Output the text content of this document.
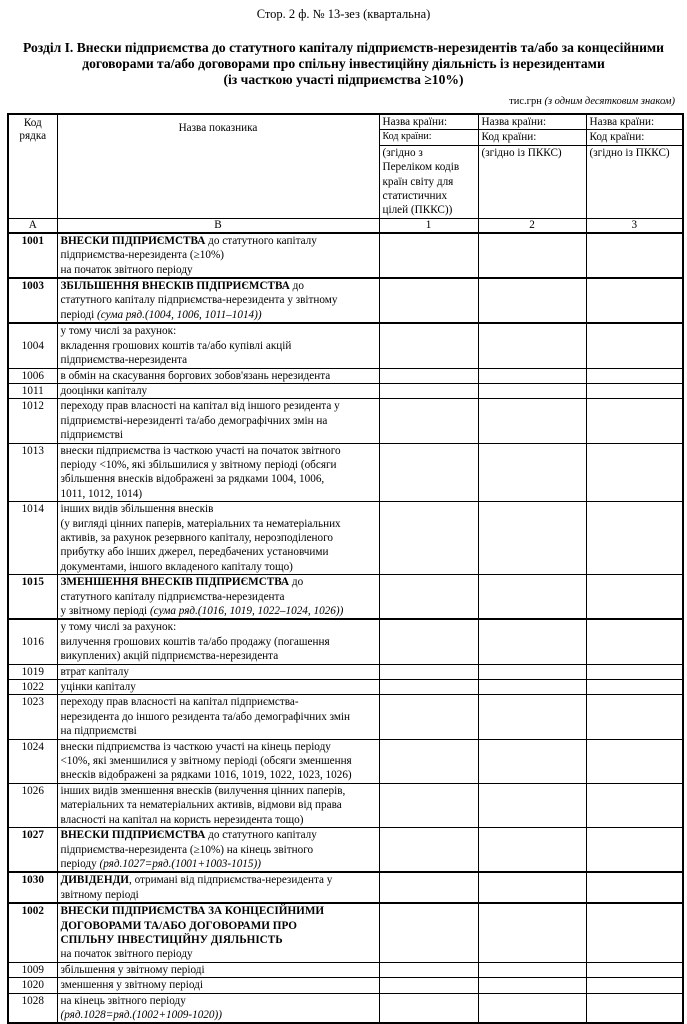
Стор. 2 ф. № 13-зез (квартальна)
Розділ I. Внески підприємства до статутного капіталу підприємств-нерезидентів та/або за концесійними
договорами та/або договорами про спільну інвестиційну діяльність із нерезидентами
(із часткою участі підприємства ≥10%)
тис.грн (з одним десятковим знаком)
Код рядка	Назва показника	Назва країни:	Назва країни:	Назва країни:
		Код країни:	Код країни:	Код країни:
		(згідно з Переліком кодів країн світу для статистичних цілей (ПККС))	(згідно із ПККС)	(згідно із ПККС)
А	В	1	2	3
1001	ВНЕСКИ ПІДПРИЄМСТВА до статутного капіталу
підприємства-нерезидента (≥10%)
на початок звітного періоду			

1003	ЗБІЛЬШЕННЯ ВНЕСКІВ ПІДПРИЄМСТВА до
статутного капіталу підприємства-нерезидента у звітному
періоді (сума ряд.(1004, 1006, 1011–1014))			

1004	у тому числі за рахунок:
вкладення грошових коштів та/або купівлі акцій
підприємства-нерезидента			

1006	в обмін на скасування боргових зобов'язань нерезидента			

1011	дооцінки капіталу			

1012	переходу прав власності на капітал від іншого резидента у
підприємстві-нерезиденті та/або демографічних змін на
підприємстві			

1013	внески підприємства із часткою участі на початок звітного
періоду <10%, які збільшилися у звітному періоді (обсяги
збільшення внесків відображені за рядками 1004, 1006,
1011, 1012, 1014)			

1014	інших видів збільшення внесків
(у вигляді цінних паперів, матеріальних та нематеріальних
активів, за рахунок резервного капіталу, нерозподіленого
прибутку або інших джерел, передбачених установчими
документами, іншого вкладеного капіталу тощо)			

1015	ЗМЕНШЕННЯ ВНЕСКІВ ПІДПРИЄМСТВА до
статутного капіталу підприємства-нерезидента
у звітному періоді (сума ряд.(1016, 1019, 1022–1024, 1026))			

1016	у тому числі за рахунок:
вилучення грошових коштів та/або продажу (погашення
викуплених) акцій підприємства-нерезидента			

1019	втрат капіталу			

1022	уцінки капіталу			

1023	переходу прав власності на капітал підприємства-
нерезидента до іншого резидента та/або демографічних змін
на підприємстві			

1024	внески підприємства із часткою участі на кінець періоду
<10%, які зменшилися у звітному періоді (обсяги зменшення
внесків відображені за рядками 1016, 1019, 1022, 1023, 1026)			

1026	інших видів зменшення внесків (вилучення цінних паперів,
матеріальних та нематеріальних активів, відмови від права
власності на капітал на користь нерезидента тощо)			

1027	ВНЕСКИ ПІДПРИЄМСТВА до статутного капіталу
підприємства-нерезидента (≥10%) на кінець звітного
періоду (ряд.1027=ряд.(1001+1003-1015))			

1030	ДИВІДЕНДИ, отримані від підприємства-нерезидента у
звітному періоді			

1002	ВНЕСКИ ПІДПРИЄМСТВА ЗА КОНЦЕСІЙНИМИ
ДОГОВОРАМИ ТА/АБО ДОГОВОРАМИ ПРО
СПІЛЬНУ ІНВЕСТИЦІЙНУ ДІЯЛЬНІСТЬ
на початок звітного періоду			

1009	збільшення у звітному періоді			

1020	зменшення у звітному періоді			

1028	на кінець звітного періоду
(ряд.1028=ряд.(1002+1009-1020))			
